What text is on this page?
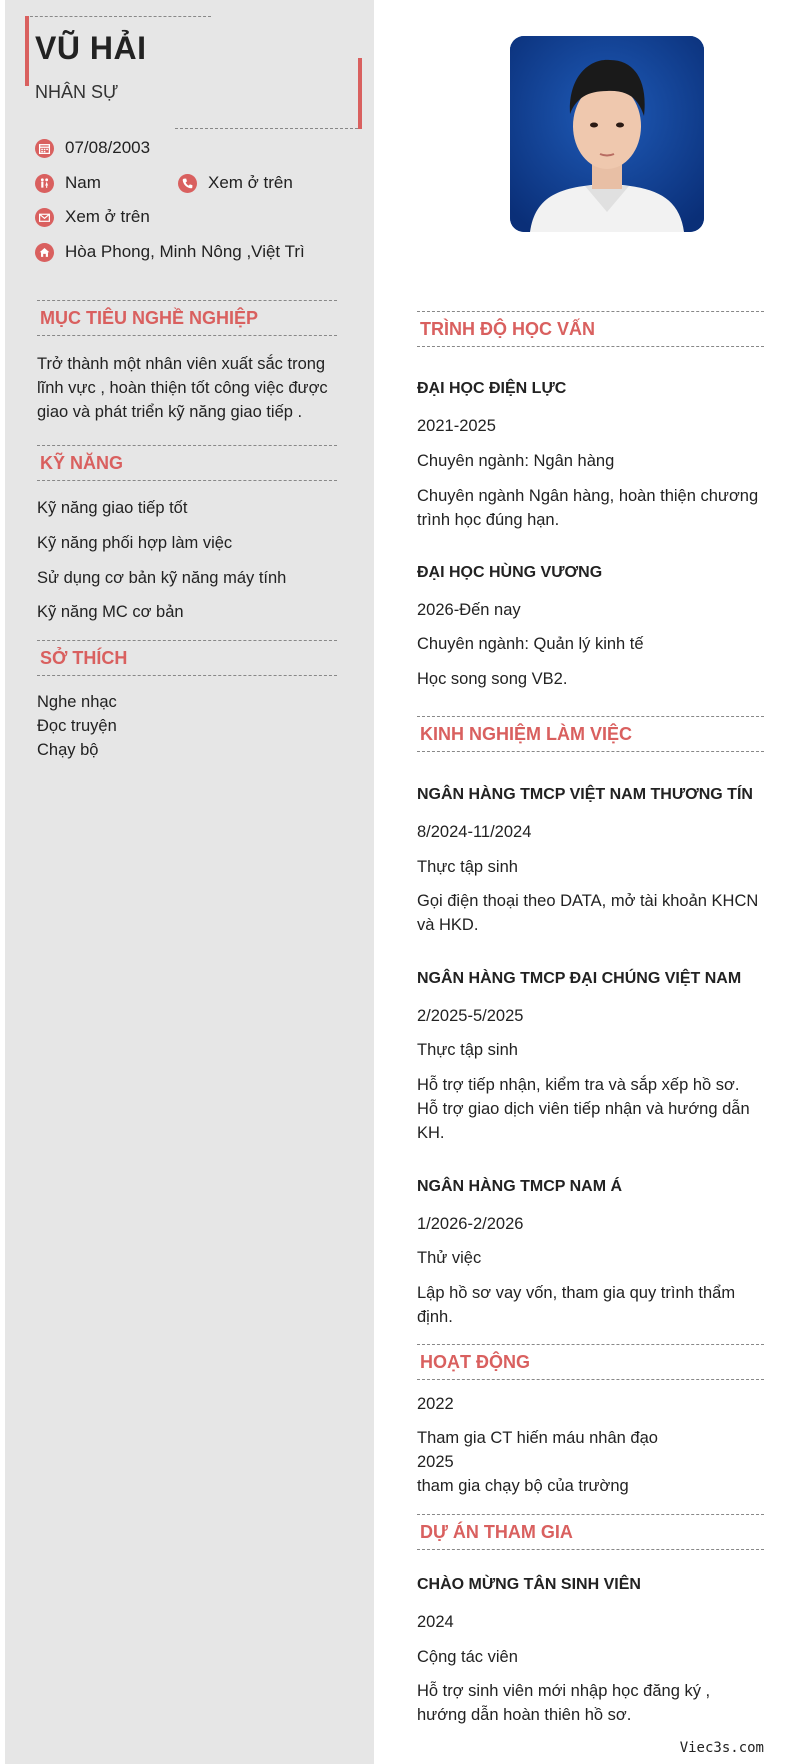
VŨ HẢI
NHÂN SỰ
07/08/2003
Nam	Xem ở trên
Xem ở trên
Hòa Phong, Minh Nông ,Việt Trì
MỤC TIÊU NGHỀ NGHIỆP
Trở thành một nhân viên xuất sắc trong
lĩnh vực , hoàn thiện tốt công việc được
giao và phát triển kỹ năng giao tiếp .
KỸ NĂNG
Kỹ năng giao tiếp tốt
Kỹ năng phối hợp làm việc
Sử dụng cơ bản kỹ năng máy tính
Kỹ năng MC cơ bản
SỞ THÍCH
Nghe nhạc
Đọc truyện
Chạy bộ
TRÌNH ĐỘ HỌC VẤN
ĐẠI HỌC ĐIỆN LỰC
2021-2025
Chuyên ngành: Ngân hàng
Chuyên ngành Ngân hàng, hoàn thiện chương
trình học đúng hạn.
ĐẠI HỌC HÙNG VƯƠNG
2026-Đến nay
Chuyên ngành: Quản lý kinh tế
Học song song VB2.
KINH NGHIỆM LÀM VIỆC
NGÂN HÀNG TMCP VIỆT NAM THƯƠNG TÍN
8/2024-11/2024
Thực tập sinh
Gọi điện thoại theo DATA, mở tài khoản KHCN
và HKD.
NGÂN HÀNG TMCP ĐẠI CHÚNG VIỆT NAM
2/2025-5/2025
Thực tập sinh
Hỗ trợ tiếp nhận, kiểm tra và sắp xếp hồ sơ.
Hỗ trợ giao dịch viên tiếp nhận và hướng dẫn
KH.
NGÂN HÀNG TMCP NAM Á
1/2026-2/2026
Thử việc
Lập hồ sơ vay vốn, tham gia quy trình thẩm
định.
HOẠT ĐỘNG
2022
Tham gia CT hiến máu nhân đạo
2025
tham gia chạy bộ của trường
DỰ ÁN THAM GIA
CHÀO MỪNG TÂN SINH VIÊN
2024
Cộng tác viên
Hỗ trợ sinh viên mới nhập học đăng ký ,
hướng dẫn hoàn thiên hồ sơ.
Viec3s.com
